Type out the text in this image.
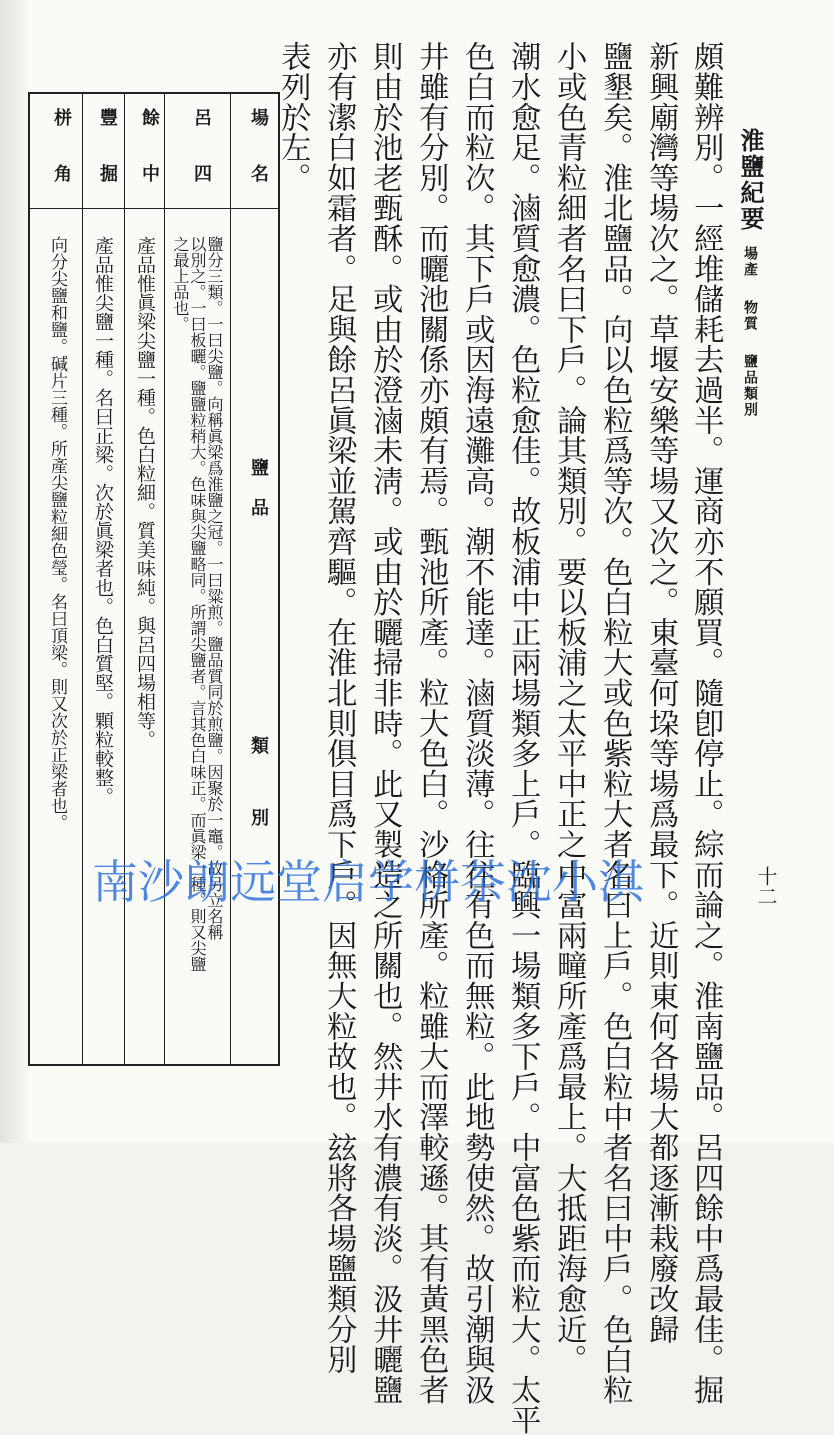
淮鹽紀要場產物質鹽品類別
十二
頗難辨別。一經堆儲耗去過半。運商亦不願買。隨卽停止。綜而論之。淮南鹽品。呂四餘中爲最佳。掘
新興廟灣等場次之。草堰安樂等場又次之。東臺何垜等場爲最下。近則東何各場大都逐漸栽廢改歸
鹽墾矣。淮北鹽品。向以色粒爲等次。色白粒大或色紫粒大者名曰上戶。色白粒中者名曰中戶。色白粒
小或色青粒細者名曰下戶。論其類別。要以板浦之太平中正之中富兩疃所產爲最上。大抵距海愈近。
潮水愈足。滷質愈濃。色粒愈佳。故板浦中正兩場類多上戶。臨興一場類多下戶。中富色紫而粒大。太平
色白而粒次。其下戶或因海遠灘高。潮不能達。滷質淡薄。往往有色而無粒。此地勢使然。故引潮與汲
井雖有分別。而曬池關係亦頗有焉。甄池所產。粒大色白。沙格所產。粒雖大而澤較遜。其有黃黑色者
則由於池老甄酥。或由於澄滷未淸。或由於曬掃非時。此又製造之所關也。然井水有濃有淡。汲井曬鹽
亦有潔白如霜者。足與餘呂眞梁並駕齊驅。在淮北則俱目爲下戶。因無大粒故也。玆將各場鹽類分別
表列於左。
場名
鹽品
類別
呂四
餘中
豐掘
栟角
鹽分三類。一曰尖鹽。向稱眞梁爲淮鹽之冠。一曰粱煎。鹽品質同於煎鹽。因聚於一竈。故另立名稱
以別之。一曰板曬。鹽鹽粒稍大。色味與尖鹽略同。所謂尖鹽者。言其色白味正。而眞梁一種。則又尖鹽
之最上品也。
產品惟眞梁尖鹽一種。色白粒細。質美味純。與呂四場相等。
產品惟尖鹽一種。名曰正梁。次於眞梁者也。色白質堅。顆粒較整。
向分尖鹽和鹽。碱片三種。所產尖鹽粒細色瑩。名曰頂梁。則又次於正梁者也。
南沙朗远堂启学栟茶沈小淇
